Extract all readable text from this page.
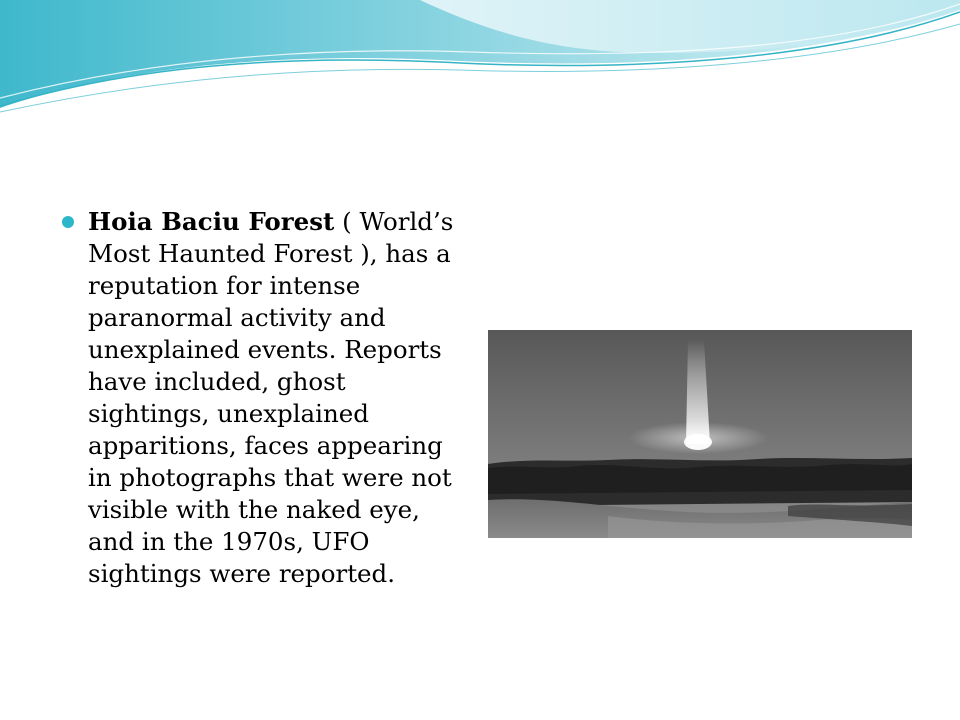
Hoia Baciu Forest ( World’s Most Haunted Forest ), has a reputation for intense paranormal activity and unexplained events. Reports have included, ghost sightings, unexplained apparitions, faces appearing in photographs that were not visible with the naked eye, and in the 1970s, UFO sightings were reported.
